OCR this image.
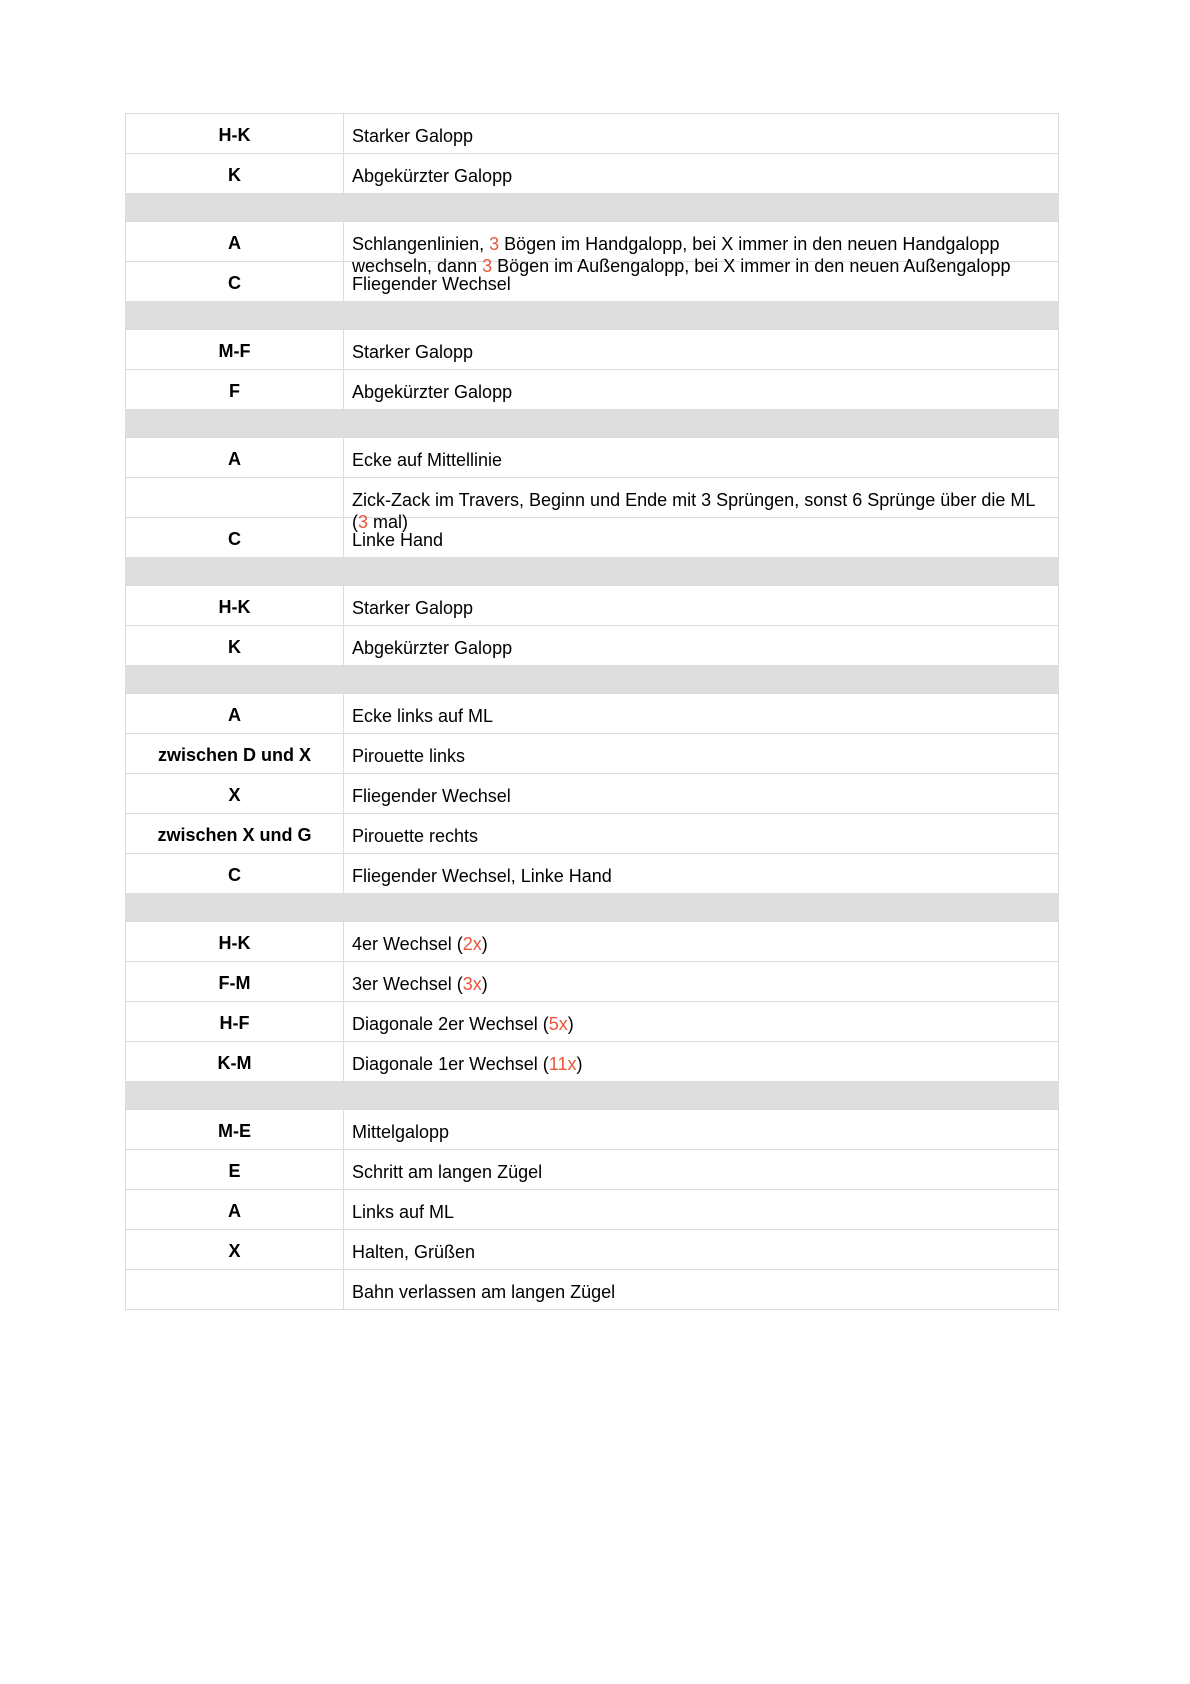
H-K	Starker Galopp

K	Abgekürzter Galopp

A	Schlangenlinien, 3 Bögen im Handgalopp, bei X immer in den neuen Handgalopp wechseln, dann 3 Bögen im Außengalopp, bei X immer in den neuen Außengalopp

C	Fliegender Wechsel

M-F	Starker Galopp

F	Abgekürzter Galopp

A	Ecke auf Mittellinie

	Zick-Zack im Travers, Beginn und Ende mit 3 Sprüngen, sonst 6 Sprünge über die ML (3 mal)

C	Linke Hand

H-K	Starker Galopp

K	Abgekürzter Galopp

A	Ecke links auf ML

zwischen D und X	Pirouette links

X	Fliegender Wechsel

zwischen X und G	Pirouette rechts

C	Fliegender Wechsel, Linke Hand

H-K	4er Wechsel (2x)

F-M	3er Wechsel (3x)

H-F	Diagonale 2er Wechsel (5x)

K-M	Diagonale 1er Wechsel (11x)

M-E	Mittelgalopp

E	Schritt am langen Zügel

A	Links auf ML

X	Halten, Grüßen

	Bahn verlassen am langen Zügel
